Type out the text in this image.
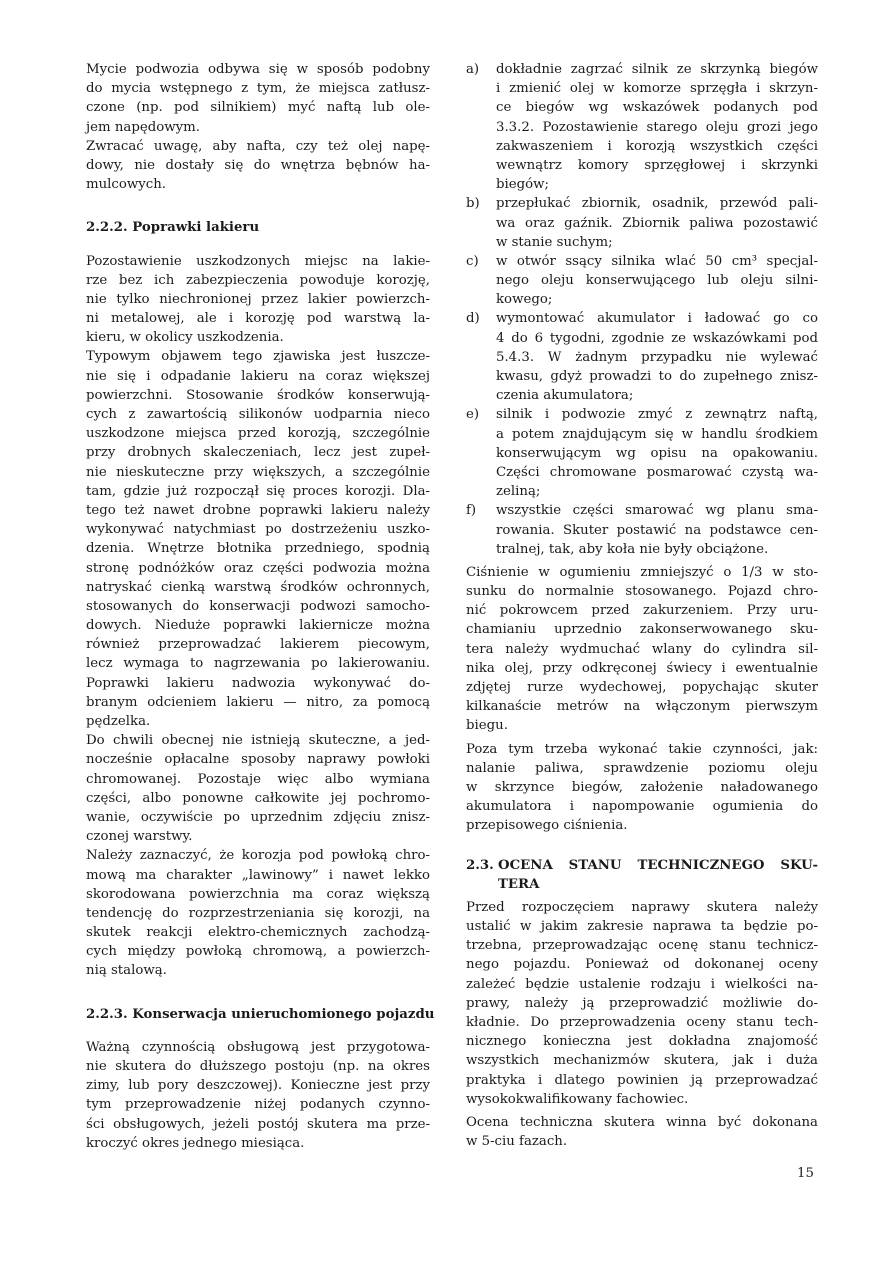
Mycie podwozia odbywa się w sposób podobny
do mycia wstępnego z tym, że miejsca zatłusz-
czone (np. pod silnikiem) myć naftą lub ole-
jem napędowym.
Zwracać uwagę, aby nafta, czy też olej napę-
dowy, nie dostały się do wnętrza bębnów ha-
mulcowych.
2.2.2. Poprawki lakieru
Pozostawienie uszkodzonych miejsc na lakie-
rze bez ich zabezpieczenia powoduje korozję,
nie tylko niechronionej przez lakier powierzch-
ni metalowej, ale i korozję pod warstwą la-
kieru, w okolicy uszkodzenia.
Typowym objawem tego zjawiska jest łuszcze-
nie się i odpadanie lakieru na coraz większej
powierzchni. Stosowanie środków konserwują-
cych z zawartością silikonów uodparnia nieco
uszkodzone miejsca przed korozją, szczególnie
przy drobnych skaleczeniach, lecz jest zupeł-
nie nieskuteczne przy większych, a szczególnie
tam, gdzie już rozpoczął się proces korozji. Dla-
tego też nawet drobne poprawki lakieru należy
wykonywać natychmiast po dostrzeżeniu uszko-
dzenia. Wnętrze błotnika przedniego, spodnią
stronę podnóżków oraz części podwozia można
natryskać cienką warstwą środków ochronnych,
stosowanych do konserwacji podwozi samocho-
dowych. Nieduże poprawki lakiernicze można
również przeprowadzać lakierem piecowym,
lecz wymaga to nagrzewania po lakierowaniu.
Poprawki lakieru nadwozia wykonywać do-
branym odcieniem lakieru — nitro, za pomocą
pędzelka.
Do chwili obecnej nie istnieją skuteczne, a jed-
nocześnie opłacalne sposoby naprawy powłoki
chromowanej. Pozostaje więc albo wymiana
części, albo ponowne całkowite jej pochromo-
wanie, oczywiście po uprzednim zdjęciu znisz-
czonej warstwy.
Należy zaznaczyć, że korozja pod powłoką chro-
mową ma charakter „lawinowy” i nawet lekko
skorodowana powierzchnia ma coraz większą
tendencję do rozprzestrzeniania się korozji, na
skutek reakcji elektro-chemicznych zachodzą-
cych między powłoką chromową, a powierzch-
nią stalową.
2.2.3. Konserwacja unieruchomionego pojazdu
Ważną czynnością obsługową jest przygotowa-
nie skutera do dłuższego postoju (np. na okres
zimy, lub pory deszczowej). Konieczne jest przy
tym przeprowadzenie niżej podanych czynno-
ści obsługowych, jeżeli postój skutera ma prze-
kroczyć okres jednego miesiąca.
a) dokładnie zagrzać silnik ze skrzynką biegów
i zmienić olej w komorze sprzęgła i skrzyn-
ce biegów wg wskazówek podanych pod
3.3.2. Pozostawienie starego oleju grozi jego
zakwaszeniem i korozją wszystkich części
wewnątrz komory sprzęgłowej i skrzynki
biegów;
b) przepłukać zbiornik, osadnik, przewód pali-
wa oraz gaźnik. Zbiornik paliwa pozostawić
w stanie suchym;
c) w otwór ssący silnika wlać 50 cm³ specjal-
nego oleju konserwującego lub oleju silni-
kowego;
d) wymontować akumulator i ładować go co
4 do 6 tygodni, zgodnie ze wskazówkami pod
5.4.3. W żadnym przypadku nie wylewać
kwasu, gdyż prowadzi to do zupełnego znisz-
czenia akumulatora;
e) silnik i podwozie zmyć z zewnątrz naftą,
a potem znajdującym się w handlu środkiem
konserwującym wg opisu na opakowaniu.
Części chromowane posmarować czystą wa-
zeliną;
f) wszystkie części smarować wg planu sma-
rowania. Skuter postawić na podstawce cen-
tralnej, tak, aby koła nie były obciążone.
Ciśnienie w ogumieniu zmniejszyć o 1/3 w sto-
sunku do normalnie stosowanego. Pojazd chro-
nić pokrowcem przed zakurzeniem. Przy uru-
chamianiu uprzednio zakonserwowanego sku-
tera należy wydmuchać wlany do cylindra sil-
nika olej, przy odkręconej świecy i ewentualnie
zdjętej rurze wydechowej, popychając skuter
kilkanaście metrów na włączonym pierwszym
biegu.
Poza tym trzeba wykonać takie czynności, jak:
nalanie paliwa, sprawdzenie poziomu oleju
w skrzynce biegów, założenie naładowanego
akumulatora i napompowanie ogumienia do
przepisowego ciśnienia.
2.3. OCENA STANU TECHNICZNEGO SKU-
TERA
Przed rozpoczęciem naprawy skutera należy
ustalić w jakim zakresie naprawa ta będzie po-
trzebna, przeprowadzając ocenę stanu technicz-
nego pojazdu. Ponieważ od dokonanej oceny
zależeć będzie ustalenie rodzaju i wielkości na-
prawy, należy ją przeprowadzić możliwie do-
kładnie. Do przeprowadzenia oceny stanu tech-
nicznego konieczna jest dokładna znajomość
wszystkich mechanizmów skutera, jak i duża
praktyka i dlatego powinien ją przeprowadzać
wysokokwalifikowany fachowiec.
Ocena techniczna skutera winna być dokonana
w 5-ciu fazach.
15
